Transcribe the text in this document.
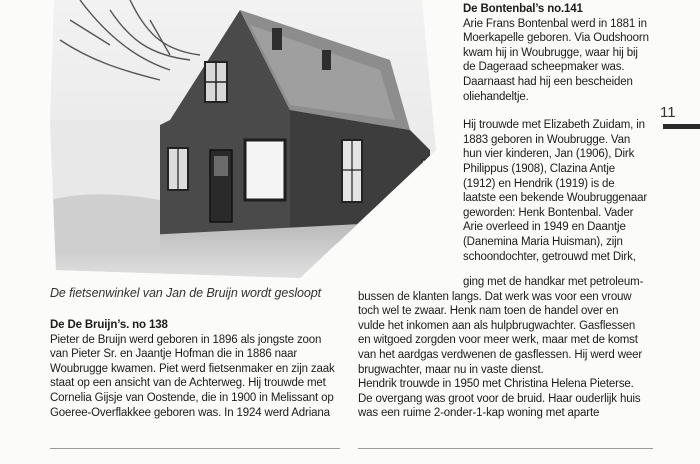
De fietsenwinkel van Jan de Bruijn wordt gesloopt

De De Bruijn’s. no 138

Pieter de Bruijn werd geboren in 1896 als jongste zoon

van Pieter Sr. en Jaantje Hofman die in 1886 naar

Woubrugge kwamen. Piet werd fietsenmaker en zijn zaak

staat op een ansicht van de Achterweg. Hij trouwde met

Cornelia Gijsje van Oostende, die in 1900 in Melissant op

Goeree-Overflakkee geboren was. In 1924 werd Adriana

De Bontenbal’s no.141

Arie Frans Bontenbal werd in 1881 in

Moerkapelle geboren. Via Oudshoorn

kwam hij in Woubrugge, waar hij bij

de Dageraad scheepmaker was.

Daarnaast had hij een bescheiden

oliehandeltje.

Hij trouwde met Elizabeth Zuidam, in

1883 geboren in Woubrugge. Van

hun vier kinderen, Jan (1906), Dirk

Philippus (1908), Clazina Antje

(1912) en Hendrik (1919) is de

laatste een bekende Woubruggenaar

geworden: Henk Bontenbal. Vader

Arie overleed in 1949 en Daantje

(Danemina Maria Huisman), zijn

schoondochter, getrouwd met Dirk,

ging met de handkar met petroleum-

bussen de klanten langs. Dat werk was voor een vrouw

toch wel te zwaar. Henk nam toen de handel over en

vulde het inkomen aan als hulpbrugwachter. Gasflessen

en witgoed zorgden voor meer werk, maar met de komst

van het aardgas verdwenen de gasflessen. Hij werd weer

brugwachter, maar nu in vaste dienst.

Hendrik trouwde in 1950 met Christina Helena Pieterse.

De overgang was groot voor de bruid. Haar ouderlijk huis

was een ruime 2-onder-1-kap woning met aparte

11
